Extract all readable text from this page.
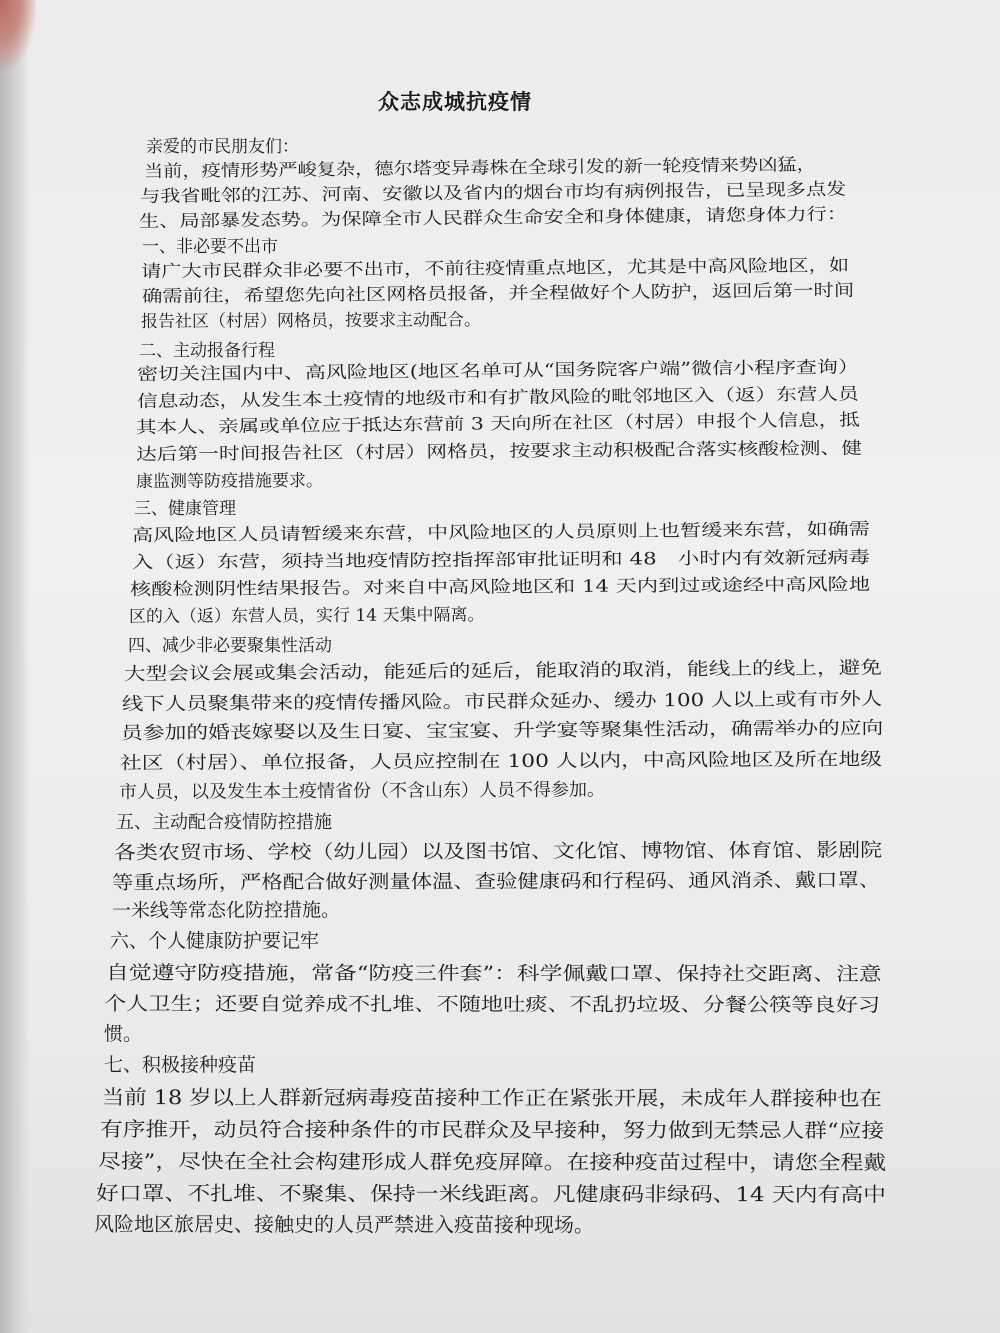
众志成城抗疫情
亲爱的市民朋友们：
当前，疫情形势严峻复杂，德尔塔变异毒株在全球引发的新一轮疫情来势凶猛，
与我省毗邻的江苏、河南、安徽以及省内的烟台市均有病例报告，已呈现多点发
生、局部暴发态势。为保障全市人民群众生命安全和身体健康，请您身体力行：
一、非必要不出市
请广大市民群众非必要不出市，不前往疫情重点地区，尤其是中高风险地区，如
确需前往，希望您先向社区网格员报备，并全程做好个人防护，返回后第一时间
报告社区（村居）网格员，按要求主动配合。
二、主动报备行程
密切关注国内中、高风险地区(地区名单可从“国务院客户端”微信小程序查询）
信息动态，从发生本土疫情的地级市和有扩散风险的毗邻地区入（返）东营人员
其本人、亲属或单位应于抵达东营前 3 天向所在社区（村居）申报个人信息，抵
达后第一时间报告社区（村居）网格员，按要求主动积极配合落实核酸检测、健
康监测等防疫措施要求。
三、健康管理
高风险地区人员请暂缓来东营，中风险地区的人员原则上也暂缓来东营，如确需
入（返）东营，须持当地疫情防控指挥部审批证明和 48　小时内有效新冠病毒
核酸检测阴性结果报告。对来自中高风险地区和 14 天内到过或途经中高风险地
区的入（返）东营人员，实行 14 天集中隔离。
四、减少非必要聚集性活动
大型会议会展或集会活动，能延后的延后，能取消的取消，能线上的线上，避免
线下人员聚集带来的疫情传播风险。市民群众延办、缓办 100 人以上或有市外人
员参加的婚丧嫁娶以及生日宴、宝宝宴、升学宴等聚集性活动，确需举办的应向
社区（村居）、单位报备，人员应控制在 100 人以内，中高风险地区及所在地级
市人员，以及发生本土疫情省份（不含山东）人员不得参加。
五、主动配合疫情防控措施
各类农贸市场、学校（幼儿园）以及图书馆、文化馆、博物馆、体育馆、影剧院
等重点场所，严格配合做好测量体温、查验健康码和行程码、通风消杀、戴口罩、
一米线等常态化防控措施。
六、个人健康防护要记牢
自觉遵守防疫措施，常备“防疫三件套”：科学佩戴口罩、保持社交距离、注意
个人卫生；还要自觉养成不扎堆、不随地吐痰、不乱扔垃圾、分餐公筷等良好习
惯。
七、积极接种疫苗
当前 18 岁以上人群新冠病毒疫苗接种工作正在紧张开展，未成年人群接种也在
有序推开，动员符合接种条件的市民群众及早接种，努力做到无禁忌人群“应接
尽接”，尽快在全社会构建形成人群免疫屏障。在接种疫苗过程中，请您全程戴
好口罩、不扎堆、不聚集、保持一米线距离。凡健康码非绿码、14 天内有高中
风险地区旅居史、接触史的人员严禁进入疫苗接种现场。
